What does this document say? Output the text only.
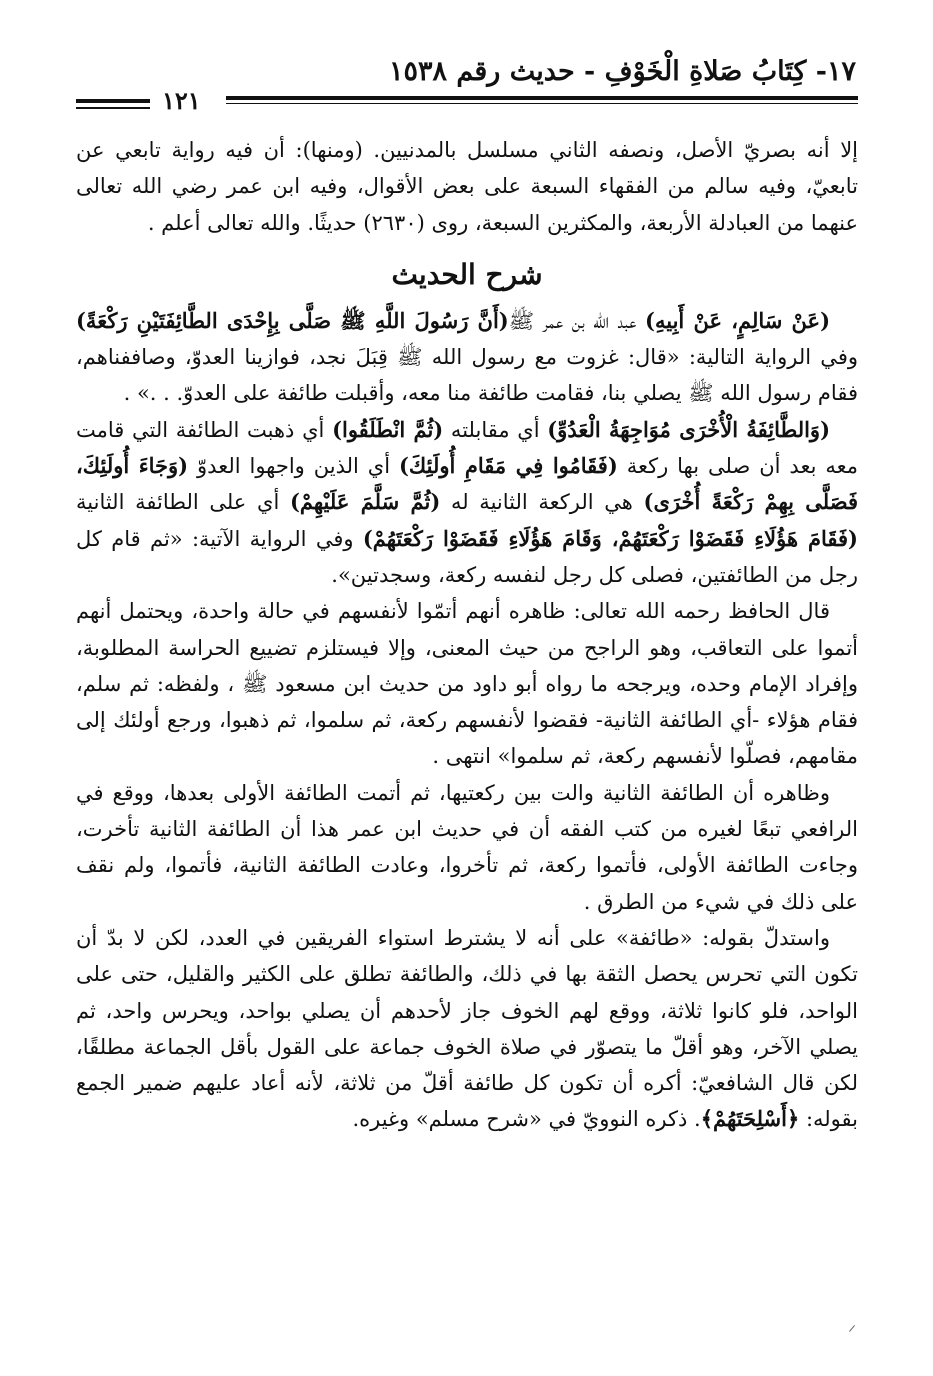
١٧- كِتَابُ صَلاةِ الْخَوْفِ - حديث رقم ١٥٣٨
١٢١

إلا أنه بصريّ الأصل، ونصفه الثاني مسلسل بالمدنيين. (ومنها): أن فيه رواية تابعي عن تابعيّ، وفيه سالم من الفقهاء السبعة على بعض الأقوال، وفيه ابن عمر رضي الله تعالى عنهما من العبادلة الأربعة، والمكثرين السبعة، روى (٢٦٣٠) حديثًا. والله تعالى أعلم .

شرح الحديث

(عَنْ سَالِمٍ، عَنْ أَبِيهِ) عبد الله بن عمر ﷺ(أَنَّ رَسُولَ اللَّهِ ﷺ صَلَّى بِإِحْدَى الطَّائِفَتَيْنِ رَكْعَةً) وفي الرواية التالية: «قال: غزوت مع رسول الله ﷺ قِبَلَ نجد، فوازينا العدوّ، وصاففناهم، فقام رسول الله ﷺ يصلي بنا، فقامت طائفة منا معه، وأقبلت طائفة على العدوّ. . .» .

(وَالطَّائِفَةُ الْأُخْرَى مُوَاجِهَةُ الْعَدُوِّ) أي مقابلته (ثُمَّ انْطَلَقُوا) أي ذهبت الطائفة التي قامت معه بعد أن صلى بها ركعة (فَقَامُوا فِي مَقَامِ أُولَئِكَ) أي الذين واجهوا العدوّ (وَجَاءَ أُولَئِكَ، فَصَلَّى بِهِمْ رَكْعَةً أُخْرَى) هي الركعة الثانية له (ثُمَّ سَلَّمَ عَلَيْهِمْ) أي على الطائفة الثانية (فَقَامَ هَؤُلَاءِ فَقَضَوْا رَكْعَتَهُمْ، وَقَامَ هَؤُلَاءِ فَقَضَوْا رَكْعَتَهُمْ) وفي الرواية الآتية: «ثم قام كل رجل من الطائفتين، فصلى كل رجل لنفسه ركعة، وسجدتين».

قال الحافظ رحمه الله تعالى: ظاهره أنهم أتمّوا لأنفسهم في حالة واحدة، ويحتمل أنهم أتموا على التعاقب، وهو الراجح من حيث المعنى، وإلا فيستلزم تضييع الحراسة المطلوبة، وإفراد الإمام وحده، ويرجحه ما رواه أبو داود من حديث ابن مسعود ﷺ ، ولفظه: ثم سلم، فقام هؤلاء -أي الطائفة الثانية- فقضوا لأنفسهم ركعة، ثم سلموا، ثم ذهبوا، ورجع أولئك إلى مقامهم، فصلّوا لأنفسهم ركعة، ثم سلموا» انتهى .

وظاهره أن الطائفة الثانية والت بين ركعتيها، ثم أتمت الطائفة الأولى بعدها، ووقع في الرافعي تبعًا لغيره من كتب الفقه أن في حديث ابن عمر هذا أن الطائفة الثانية تأخرت، وجاءت الطائفة الأولى، فأتموا ركعة، ثم تأخروا، وعادت الطائفة الثانية، فأتموا، ولم نقف على ذلك في شيء من الطرق .

واستدلّ بقوله: «طائفة» على أنه لا يشترط استواء الفريقين في العدد، لكن لا بدّ أن تكون التي تحرس يحصل الثقة بها في ذلك، والطائفة تطلق على الكثير والقليل، حتى على الواحد، فلو كانوا ثلاثة، ووقع لهم الخوف جاز لأحدهم أن يصلي بواحد، ويحرس واحد، ثم يصلي الآخر، وهو أقلّ ما يتصوّر في صلاة الخوف جماعة على القول بأقل الجماعة مطلقًا، لكن قال الشافعيّ: أكره أن تكون كل طائفة أقلّ من ثلاثة، لأنه أعاد عليهم ضمير الجمع بقوله: ﴿أَسْلِحَتَهُمْ﴾. ذكره النوويّ في «شرح مسلم» وغيره.
